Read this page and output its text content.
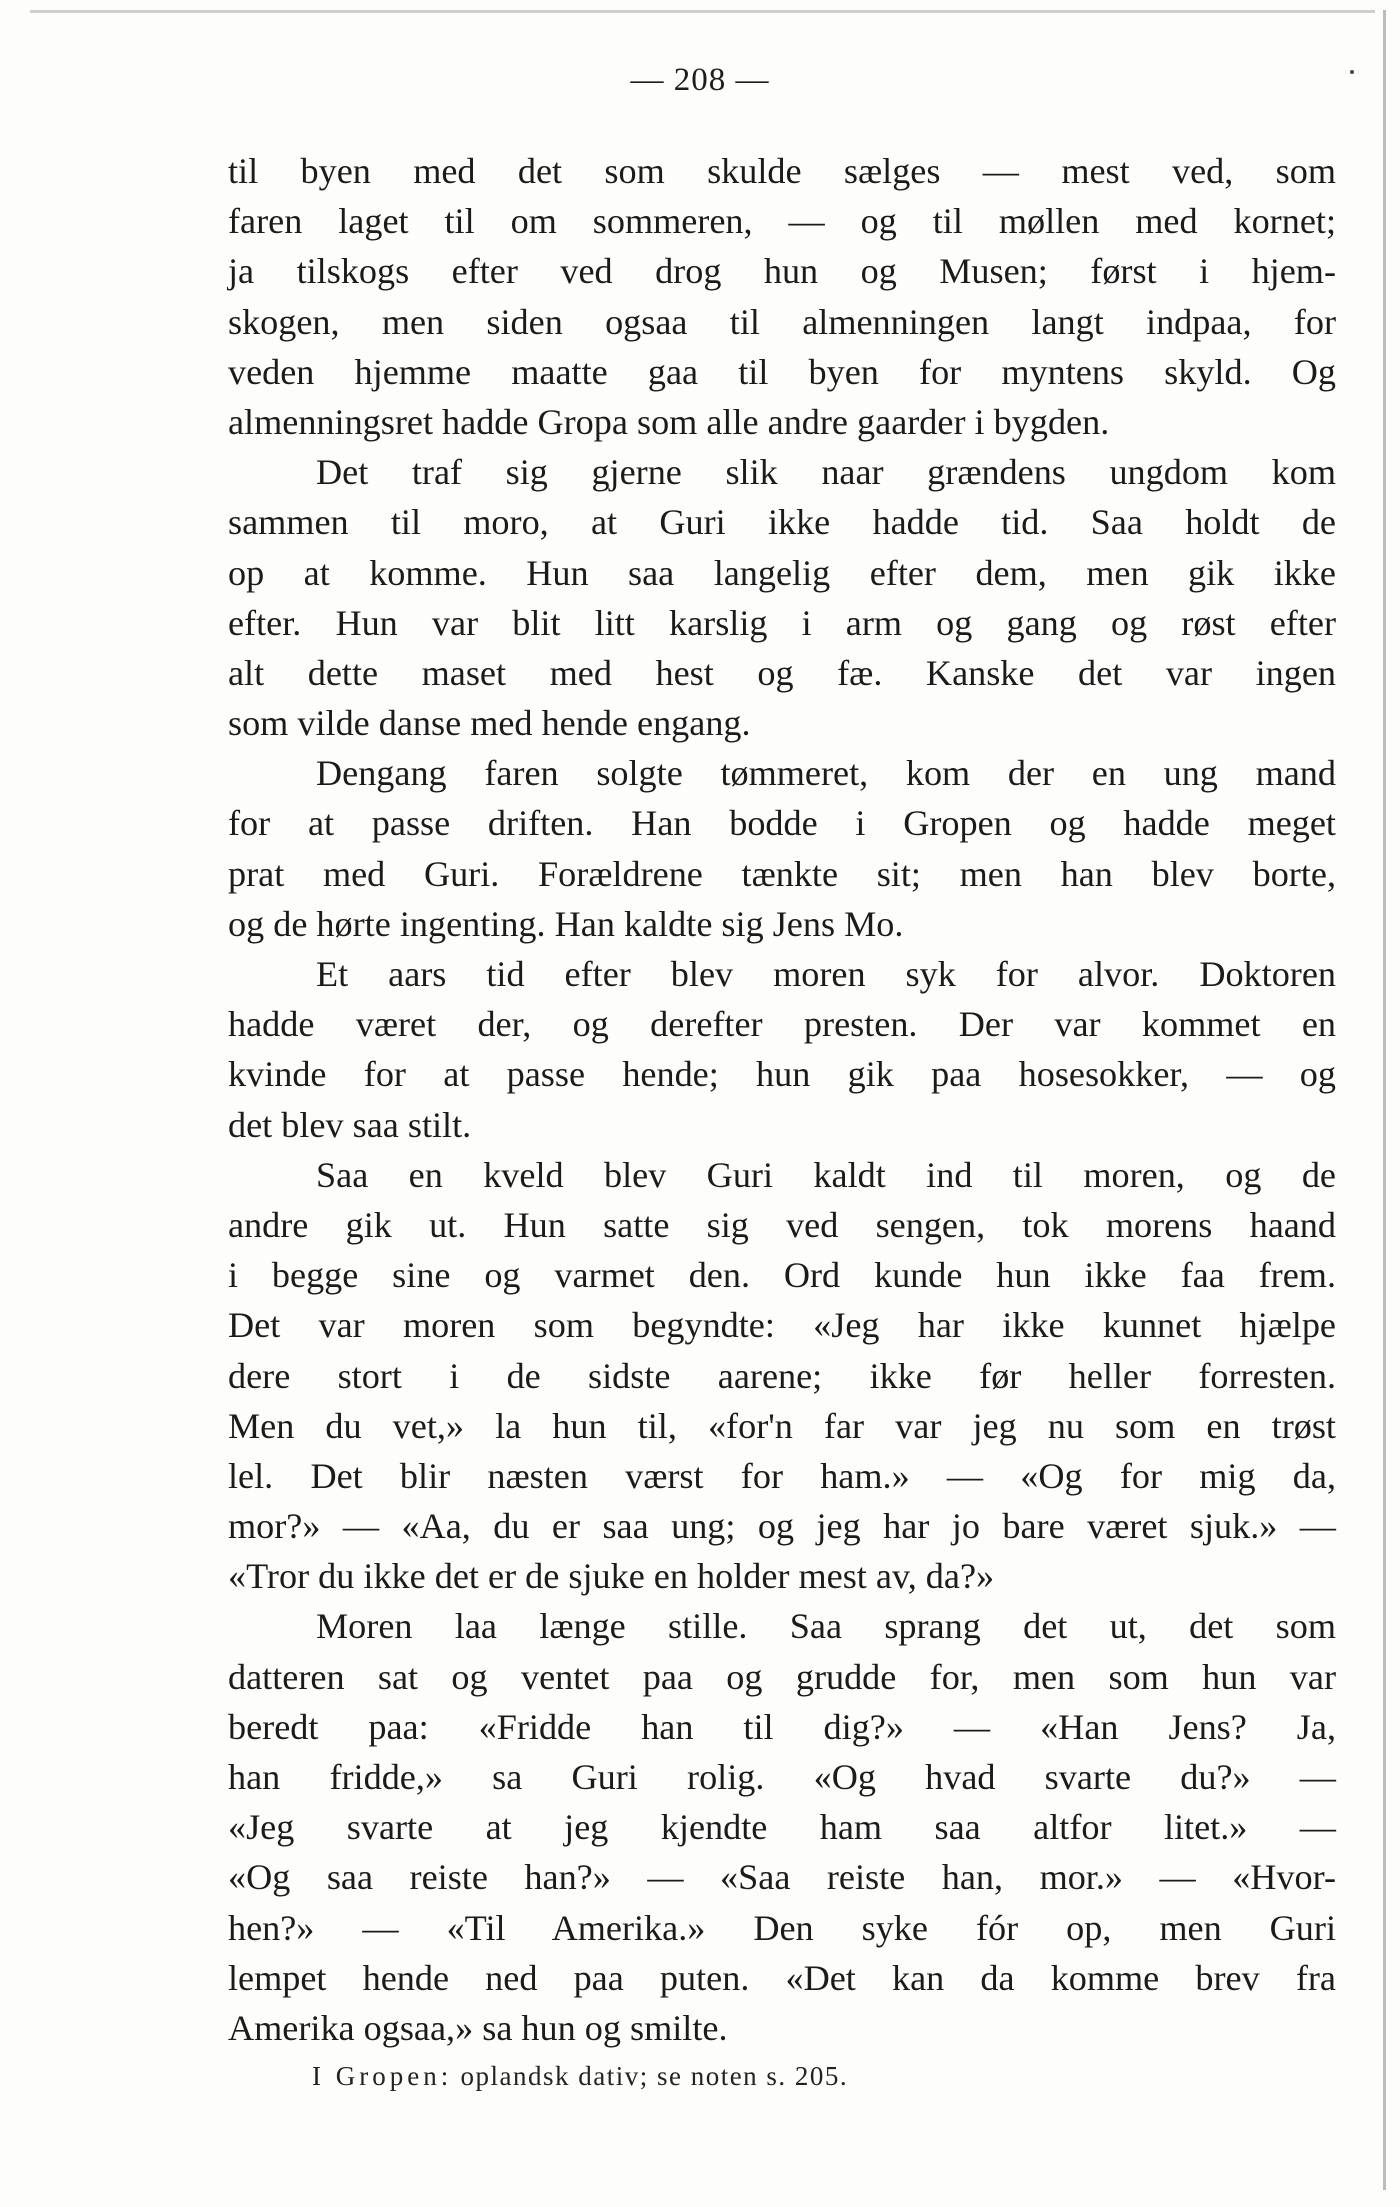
— 208 —
til byen med det som skulde sælges — mest ved, som
faren laget til om sommeren, — og til møllen med kornet;
ja tilskogs efter ved drog hun og Musen; først i hjem-
skogen, men siden ogsaa til almenningen langt indpaa, for
veden hjemme maatte gaa til byen for myntens skyld. Og
almenningsret hadde Gropa som alle andre gaarder i bygden.
Det traf sig gjerne slik naar grændens ungdom kom
sammen til moro, at Guri ikke hadde tid. Saa holdt de
op at komme. Hun saa langelig efter dem, men gik ikke
efter. Hun var blit litt karslig i arm og gang og røst efter
alt dette maset med hest og fæ. Kanske det var ingen
som vilde danse med hende engang.
Dengang faren solgte tømmeret, kom der en ung mand
for at passe driften. Han bodde i Gropen og hadde meget
prat med Guri. Forældrene tænkte sit; men han blev borte,
og de hørte ingenting. Han kaldte sig Jens Mo.
Et aars tid efter blev moren syk for alvor. Doktoren
hadde været der, og derefter presten. Der var kommet en
kvinde for at passe hende; hun gik paa hosesokker, — og
det blev saa stilt.
Saa en kveld blev Guri kaldt ind til moren, og de
andre gik ut. Hun satte sig ved sengen, tok morens haand
i begge sine og varmet den. Ord kunde hun ikke faa frem.
Det var moren som begyndte: «Jeg har ikke kunnet hjælpe
dere stort i de sidste aarene; ikke før heller forresten.
Men du vet,» la hun til, «for'n far var jeg nu som en trøst
lel. Det blir næsten værst for ham.» — «Og for mig da,
mor?» — «Aa, du er saa ung; og jeg har jo bare været sjuk.» —
«Tror du ikke det er de sjuke en holder mest av, da?»
Moren laa længe stille. Saa sprang det ut, det som
datteren sat og ventet paa og grudde for, men som hun var
beredt paa: «Fridde han til dig?» — «Han Jens? Ja,
han fridde,» sa Guri rolig. «Og hvad svarte du?» —
«Jeg svarte at jeg kjendte ham saa altfor litet.» —
«Og saa reiste han?» — «Saa reiste han, mor.» — «Hvor-
hen?» — «Til Amerika.» Den syke fór op, men Guri
lempet hende ned paa puten. «Det kan da komme brev fra
Amerika ogsaa,» sa hun og smilte.
I Gropen: oplandsk dativ; se noten s. 205.
